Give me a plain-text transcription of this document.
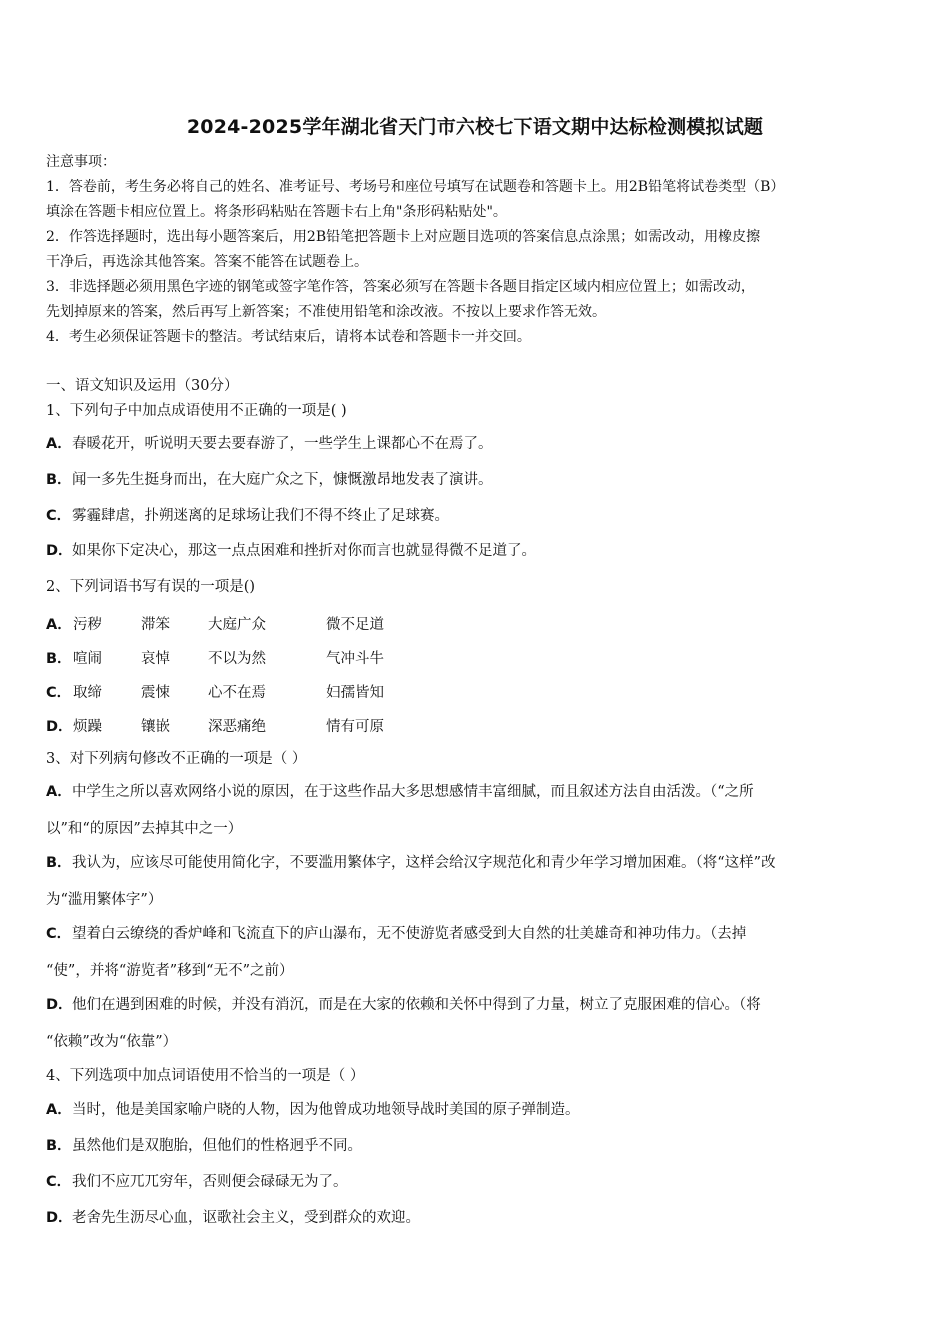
2024-2025学年湖北省天门市六校七下语文期中达标检测模拟试题
注意事项：
1．答卷前，考生务必将自己的姓名、准考证号、考场号和座位号填写在试题卷和答题卡上。用2B铅笔将试卷类型（B）
填涂在答题卡相应位置上。将条形码粘贴在答题卡右上角"条形码粘贴处"。
2．作答选择题时，选出每小题答案后，用2B铅笔把答题卡上对应题目选项的答案信息点涂黑；如需改动，用橡皮擦
干净后，再选涂其他答案。答案不能答在试题卷上。
3．非选择题必须用黑色字迹的钢笔或签字笔作答，答案必须写在答题卡各题目指定区域内相应位置上；如需改动，
先划掉原来的答案，然后再写上新答案；不准使用铅笔和涂改液。不按以上要求作答无效。
4．考生必须保证答题卡的整洁。考试结束后，请将本试卷和答题卡一并交回。
一、语文知识及运用（30分）
1、下列句子中加点成语使用不正确的一项是( )
A．春暖花开，听说明天要去要春游了，一些学生上课都心不在焉了。
B．闻一多先生挺身而出，在大庭广众之下，慷慨激昂地发表了演讲。
C．雾霾肆虐，扑朔迷离的足球场让我们不得不终止了足球赛。
D．如果你下定决心，那这一点点困难和挫折对你而言也就显得微不足道了。
2、下列词语书写有误的一项是()
A． 污秽	滞笨	大庭广众	微不足道
B． 喧闹	哀悼	不以为然	气冲斗牛
C． 取缔	震悚	心不在焉	妇孺皆知
D． 烦躁	镶嵌	深恶痛绝	情有可原
3、对下列病句修改不正确的一项是（ ）
A．中学生之所以喜欢网络小说的原因，在于这些作品大多思想感情丰富细腻，而且叙述方法自由活泼。（“之所
以”和“的原因”去掉其中之一）
B．我认为，应该尽可能使用简化字，不要滥用繁体字，这样会给汉字规范化和青少年学习增加困难。（将“这样”改
为“滥用繁体字”）
C．望着白云缭绕的香炉峰和飞流直下的庐山瀑布，无不使游览者感受到大自然的壮美雄奇和神功伟力。（去掉
“使”，并将“游览者”移到“无不”之前）
D．他们在遇到困难的时候，并没有消沉，而是在大家的依赖和关怀中得到了力量，树立了克服困难的信心。（将
“依赖”改为“依靠”）
4、下列选项中加点词语使用不恰当的一项是（ ）
A．当时，他是美国家喻户晓的人物，因为他曾成功地领导战时美国的原子弹制造。
B．虽然他们是双胞胎，但他们的性格迥乎不同。
C．我们不应兀兀穷年，否则便会碌碌无为了。
D．老舍先生沥尽心血，讴歌社会主义，受到群众的欢迎。
